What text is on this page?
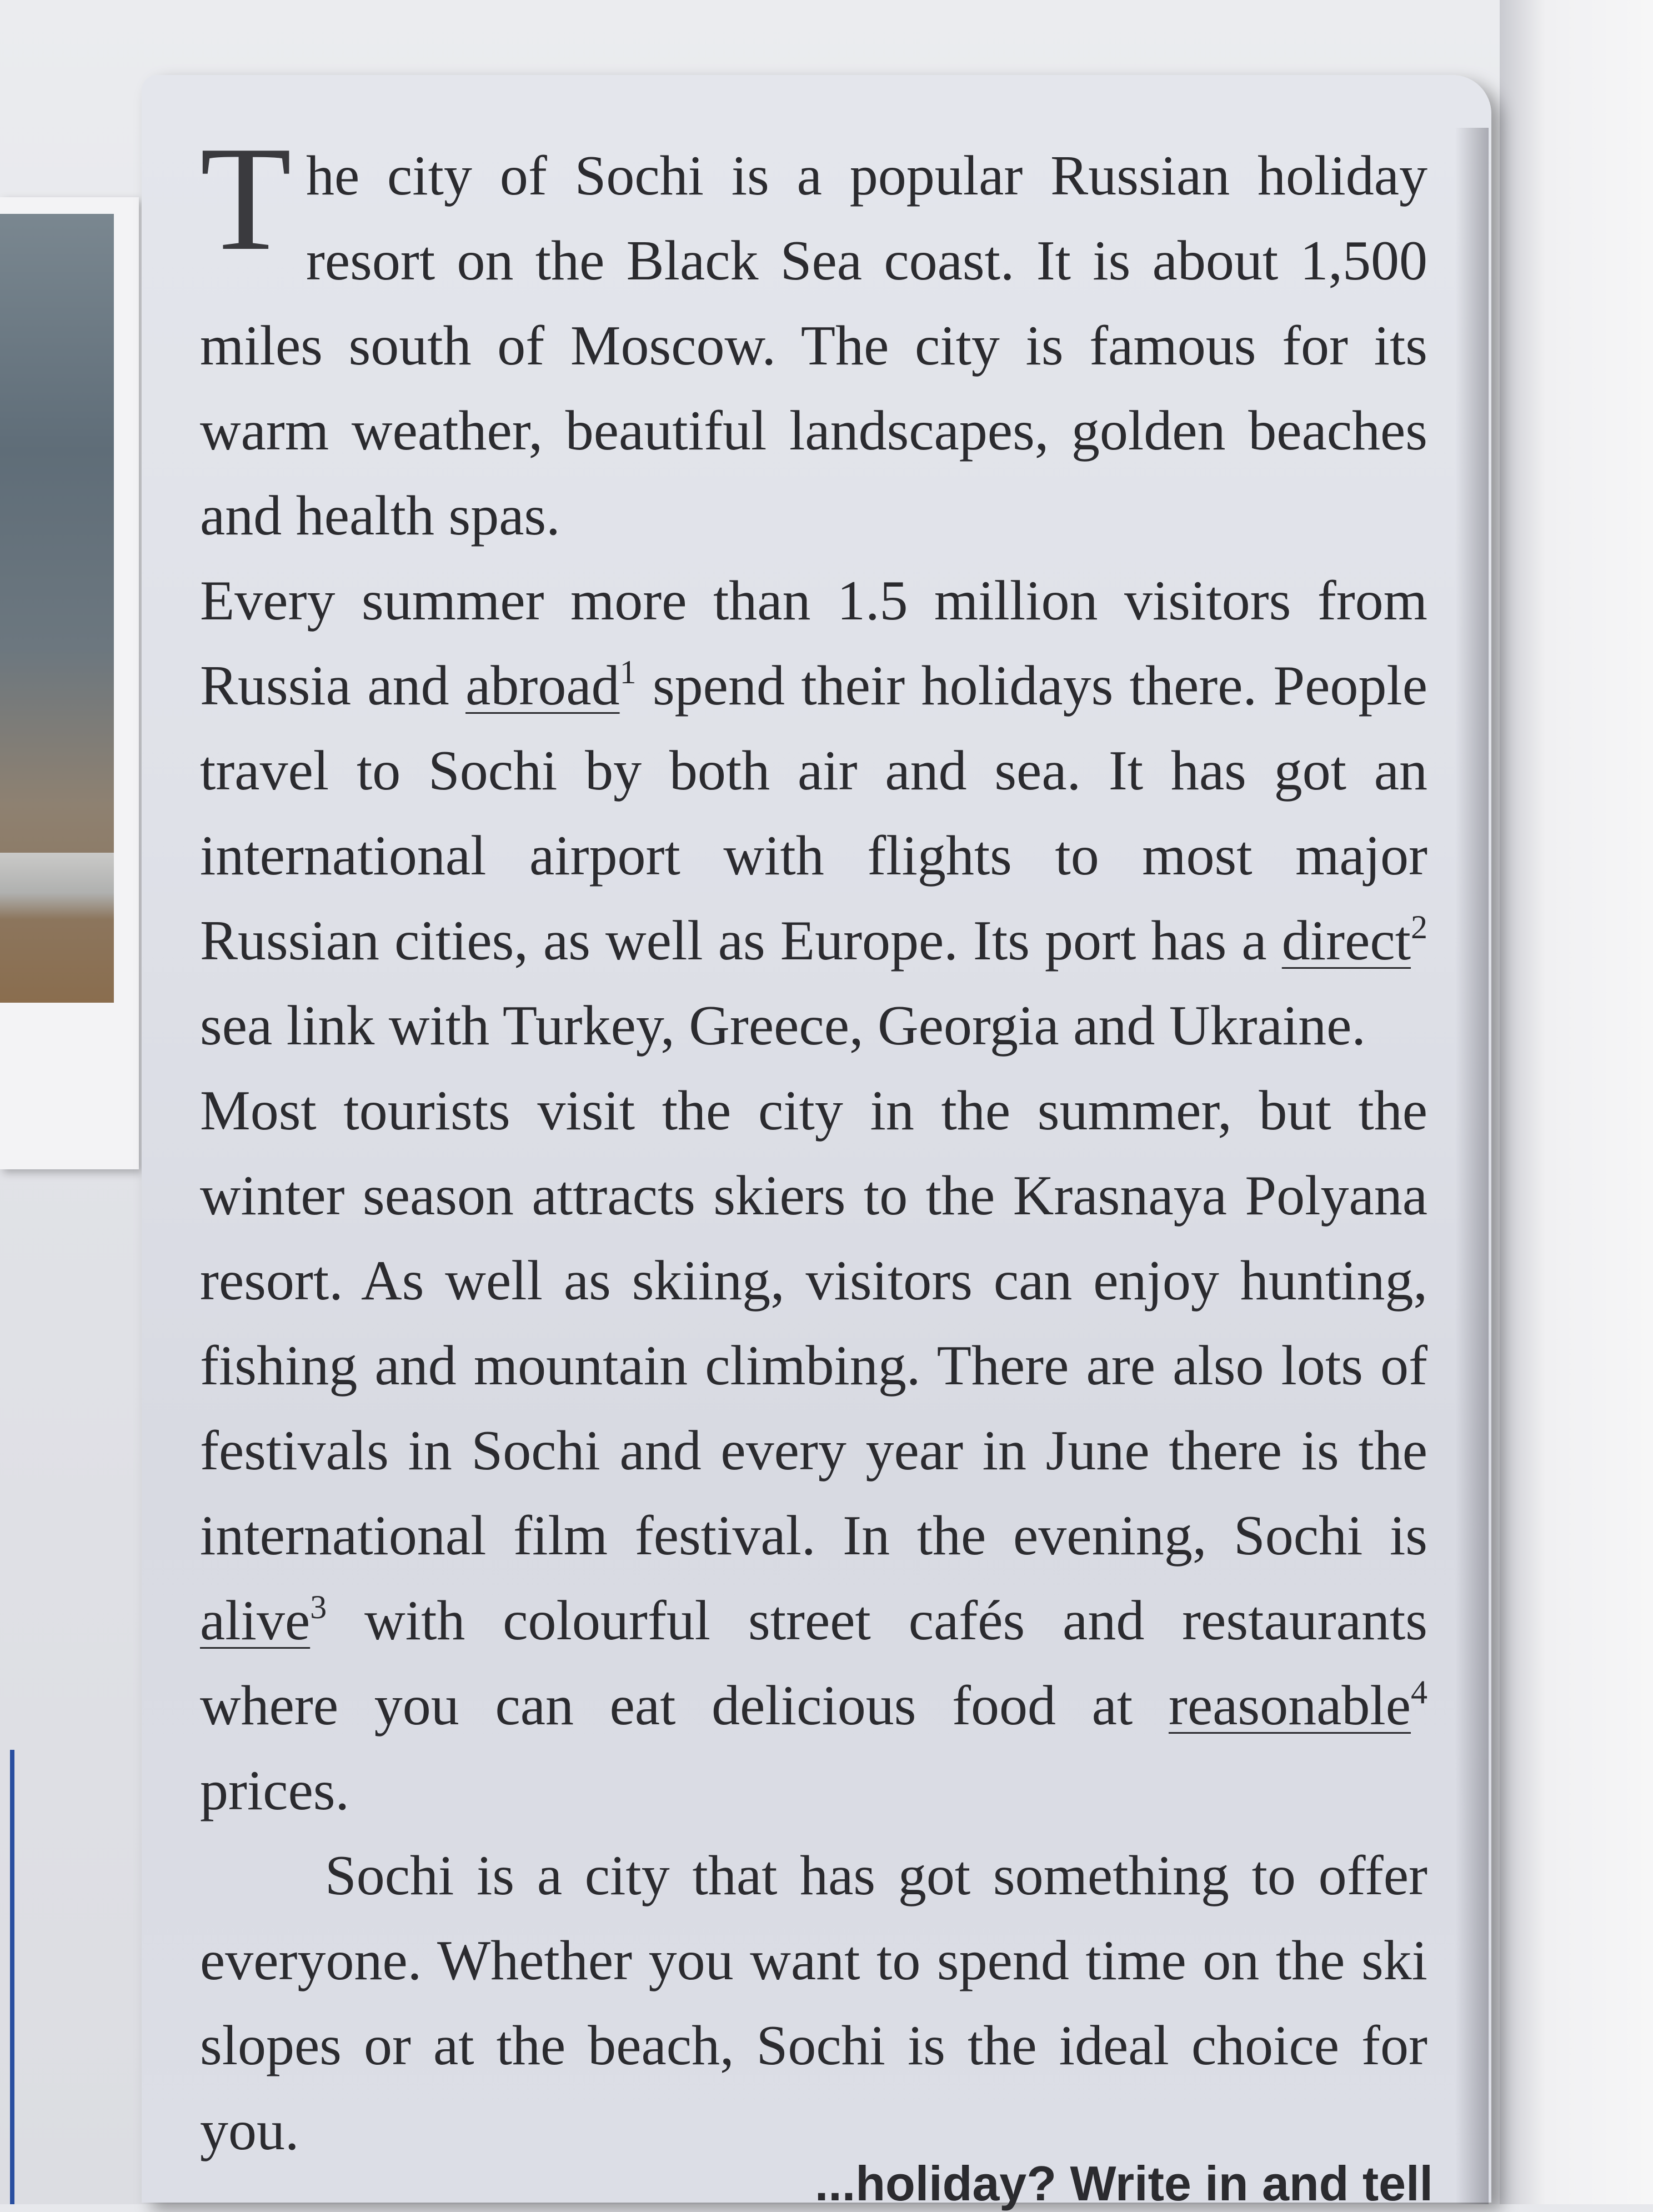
The city of Sochi is a popular Russian holiday resort on the Black Sea coast. It is about 1,500 miles south of Moscow. The city is famous for its warm weather, beautiful landscapes, golden beaches and health spas.

Every summer more than 1.5 million visitors from Russia and abroad$^1$ spend their holidays there. People travel to Sochi by both air and sea. It has got an international airport with flights to most major Russian cities, as well as Europe. Its port has a direct$^2$ sea link with Turkey, Greece, Georgia and Ukraine.

Most tourists visit the city in the summer, but the winter season attracts skiers to the Krasnaya Polyana resort. As well as skiing, visitors can enjoy hunting, fishing and mountain climbing. There are also lots of festivals in Sochi and every year in June there is the international film festival. In the evening, Sochi is alive$^3$ with colourful street cafés and restaurants where you can eat delicious food at reasonable$^4$ prices.

Sochi is a city that has got something to offer everyone. Whether you want to spend time on the ski slopes or at the beach, Sochi is the ideal choice for you.

...holiday? Write in and tell
